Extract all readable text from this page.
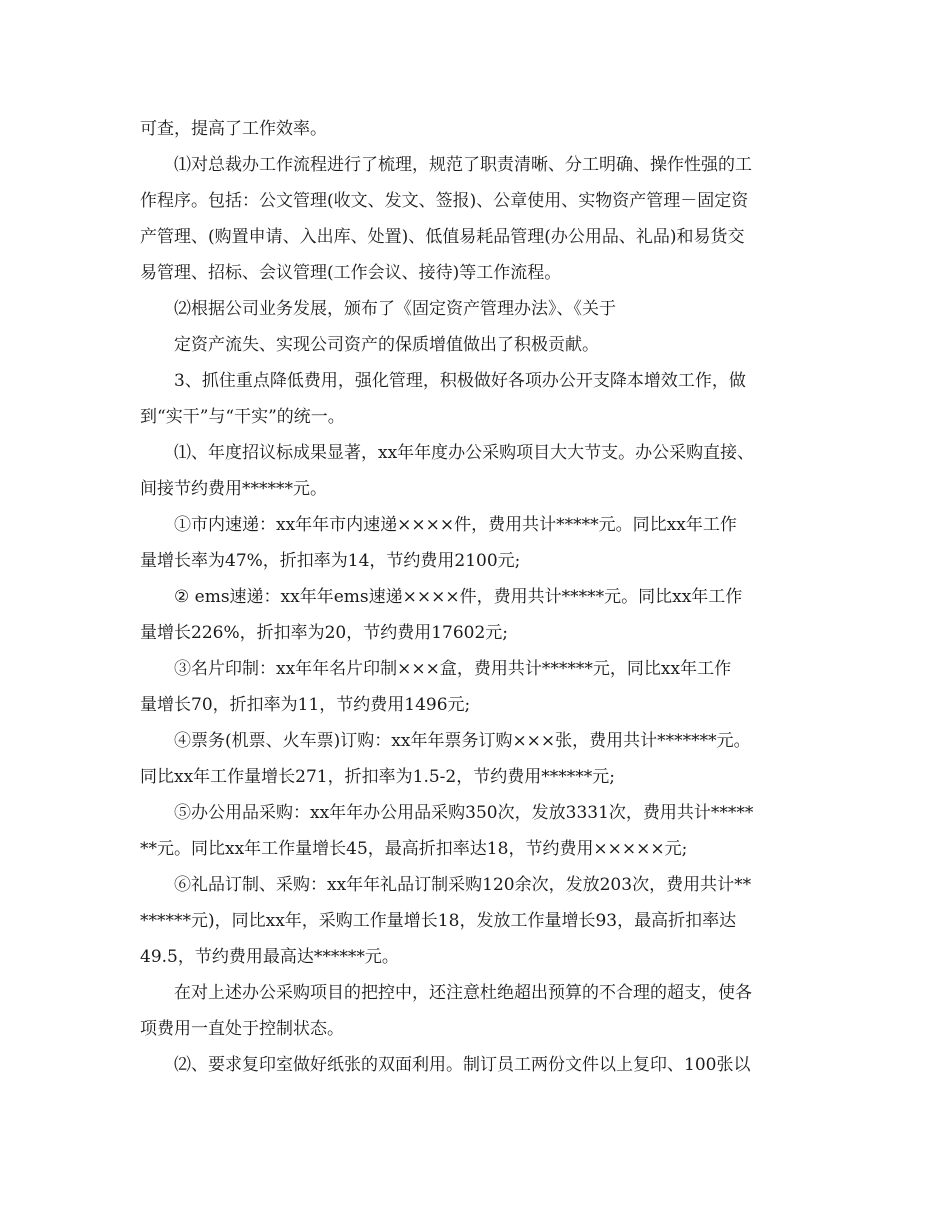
可查，提高了工作效率。
⑴对总裁办工作流程进行了梳理，规范了职责清晰、分工明确、操作性强的工
作程序。包括：公文管理(收文、发文、签报)、公章使用、实物资产管理－固定资
产管理、(购置申请、入出库、处置)、低值易耗品管理(办公用品、礼品)和易货交
易管理、招标、会议管理(工作会议、接待)等工作流程。
⑵根据公司业务发展，颁布了《固定资产管理办法》、《关于
定资产流失、实现公司资产的保质增值做出了积极贡献。
3、抓住重点降低费用，强化管理，积极做好各项办公开支降本增效工作，做
到“实干”与“干实”的统一。
⑴、年度招议标成果显著，xx年年度办公采购项目大大节支。办公采购直接、
间接节约费用******元。
①市内速递：xx年年市内速递××××件，费用共计*****元。同比xx年工作
量增长率为47%，折扣率为14，节约费用2100元;
② ems速递：xx年年ems速递××××件，费用共计*****元。同比xx年工作
量增长226%，折扣率为20，节约费用17602元;
③名片印制：xx年年名片印制×××盒，费用共计******元，同比xx年工作
量增长70，折扣率为11，节约费用1496元;
④票务(机票、火车票)订购：xx年年票务订购×××张，费用共计*******元。
同比xx年工作量增长271，折扣率为1.5-2，节约费用******元;
⑤办公用品采购：xx年年办公用品采购350次，发放3331次，费用共计*****
**元。同比xx年工作量增长45，最高折扣率达18，节约费用×××××元;
⑥礼品订制、采购：xx年年礼品订制采购120余次，发放203次，费用共计**
******元)，同比xx年，采购工作量增长18，发放工作量增长93，最高折扣率达
49.5，节约费用最高达******元。
在对上述办公采购项目的把控中，还注意杜绝超出预算的不合理的超支，使各
项费用一直处于控制状态。
⑵、要求复印室做好纸张的双面利用。制订员工两份文件以上复印、100张以
